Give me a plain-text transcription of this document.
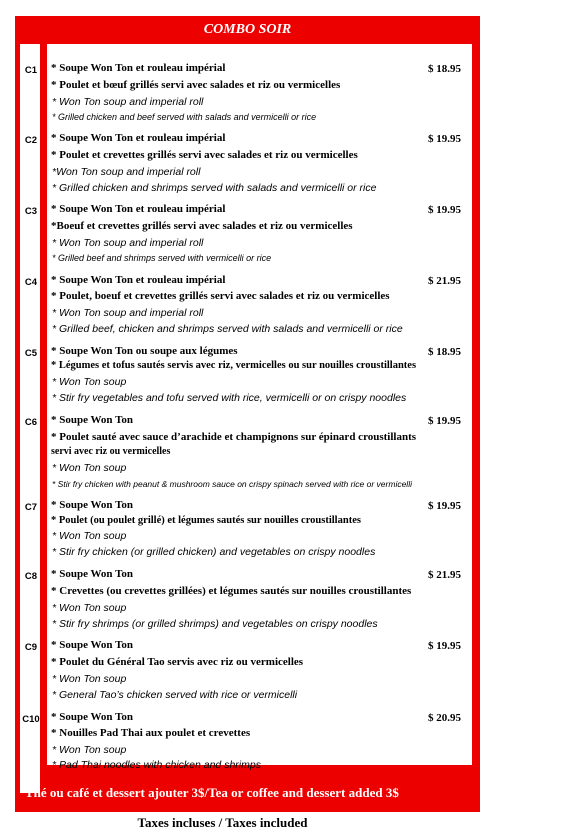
COMBO SOIR
Thé ou café et dessert ajouter 3$/Tea or coffee and dessert added 3$
C1	* Soupe Won Ton et rouleau impérial	$ 18.95
* Poulet et bœuf grillés servi avec salades et riz ou vermicelles
* Won Ton soup and imperial roll
* Grilled chicken and beef served with salads and vermicelli or rice
C2	* Soupe Won Ton et rouleau impérial	$ 19.95
* Poulet et crevettes grillés servi avec salades et riz ou vermicelles
*Won Ton soup and imperial roll
* Grilled chicken and shrimps served with salads and vermicelli or rice
C3	* Soupe Won Ton et rouleau impérial	$ 19.95
*Boeuf et crevettes grillés servi avec salades et riz ou vermicelles
* Won Ton soup and imperial roll
* Grilled beef and shrimps served with vermicelli or rice
C4	* Soupe Won Ton et rouleau impérial	$ 21.95
* Poulet, boeuf et crevettes grillés servi avec salades et riz ou vermicelles
* Won Ton soup and imperial roll
* Grilled beef, chicken and shrimps served with salads and vermicelli or rice
C5	* Soupe Won Ton ou soupe aux légumes	$ 18.95
* Légumes et tofus sautés servis avec riz, vermicelles ou sur nouilles croustillantes
* Won Ton soup
* Stir fry vegetables and tofu served with rice, vermicelli or on crispy noodles
C6	* Soupe Won Ton	$ 19.95
* Poulet sauté avec sauce d’arachide et champignons sur épinard croustillants
servi avec riz ou vermicelles
* Won Ton soup
* Stir fry chicken with peanut & mushroom sauce on crispy spinach served with rice or vermicelli
C7	* Soupe Won Ton	$ 19.95
* Poulet (ou poulet grillé) et légumes sautés sur nouilles croustillantes
* Won Ton soup
* Stir fry chicken (or grilled chicken) and vegetables on crispy noodles
C8	* Soupe Won Ton	$ 21.95
* Crevettes (ou crevettes grillées) et légumes sautés sur nouilles croustillantes
* Won Ton soup
* Stir fry shrimps (or grilled shrimps) and vegetables on crispy noodles
C9	* Soupe Won Ton	$ 19.95
* Poulet du Général Tao servis avec riz ou vermicelles
* Won Ton soup
* General Tao’s chicken served with rice or vermicelli
C10 * Soupe Won Ton	$ 20.95
* Nouilles Pad Thai aux poulet et crevettes
* Won Ton soup
* Pad Thai noodles with chicken and shrimps
Taxes incluses / Taxes included
